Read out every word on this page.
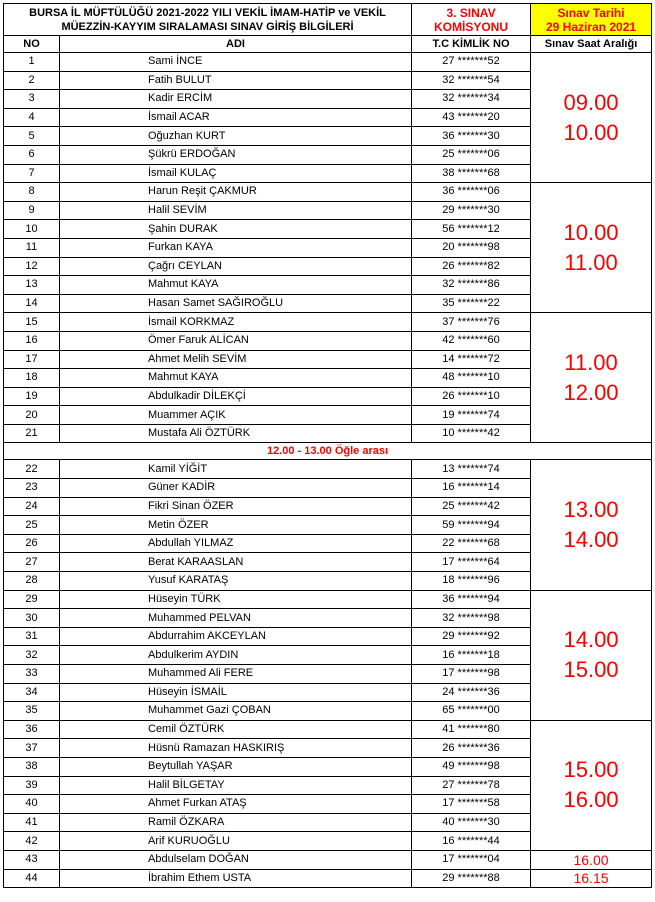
BURSA İL MÜFTÜLÜĞÜ 2021-2022 YILI VEKİL İMAM-HATİP ve VEKİL MÜEZZİN-KAYYIM SIRALAMASI SINAV GİRİŞ BİLGİLERİ		3. SINAV KOMİSYONU	Sınav Tarihi
29 Haziran 2021

NO	ADI	T.C KİMLİK NO	Sınav Saat Aralığı
1	Sami İNCE	27 *******52	09.00
10.00

2	Fatih BULUT	32 *******54	
3	Kadir ERCİM	32 *******34	
4	İsmail ACAR	43 *******20	
5	Oğuzhan KURT	36 *******30	
6	Şükrü ERDOĞAN	25 *******06	
7	İsmail KULAÇ	38 *******68	
8	Harun Reşit ÇAKMUR	36 *******06	10.00
11.00

9	Halil SEVİM	29 *******30	
10	Şahin DURAK	56 *******12	
11	Furkan KAYA	20 *******98	
12	Çağrı CEYLAN	26 *******82	
13	Mahmut KAYA	32 *******86	
14	Hasan Samet SAĞIROĞLU	35 *******22	
15	İsmail KORKMAZ	37 *******76	11.00
12.00

16	Ömer Faruk ALİCAN	42 *******60	
17	Ahmet Melih SEVİM	14 *******72	
18	Mahmut KAYA	48 *******10	
19	Abdulkadir DİLEKÇİ	26 *******10	
20	Muammer AÇIK	19 *******74	
21	Mustafa Ali ÖZTÜRK	10 *******42	
12.00 - 13.00 Öğle arası			
22	Kamil YİĞİT	13 *******74	13.00
14.00

23	Güner KADİR	16 *******14	
24	Fikri Sinan ÖZER	25 *******42	
25	Metin ÖZER	59 *******94	
26	Abdullah YILMAZ	22 *******68	
27	Berat KARAASLAN	17 *******64	
28	Yusuf KARATAŞ	18 *******96	
29	Hüseyin TÜRK	36 *******94	14.00
15.00

30	Muhammed PELVAN	32 *******98	
31	Abdurrahim AKCEYLAN	29 *******92	
32	Abdulkerim AYDIN	16 *******18	
33	Muhammed Ali FERE	17 *******98	
34	Hüseyin İSMAİL	24 *******36	
35	Muhammet Gazi ÇOBAN	65 *******00	
36	Cemil ÖZTÜRK	41 *******80	15.00
16.00

37	Hüsnü Ramazan HASKIRIŞ	26 *******36	
38	Beytullah YAŞAR	49 *******98	
39	Halil BİLGETAY	27 *******78	
40	Ahmet Furkan ATAŞ	17 *******58	
41	Ramil ÖZKARA	40 *******30	
42	Arif KURUOĞLU	16 *******44	
43	Abdulselam DOĞAN	17 *******04	16.00
44	İbrahim Ethem USTA	29 *******88	16.15
